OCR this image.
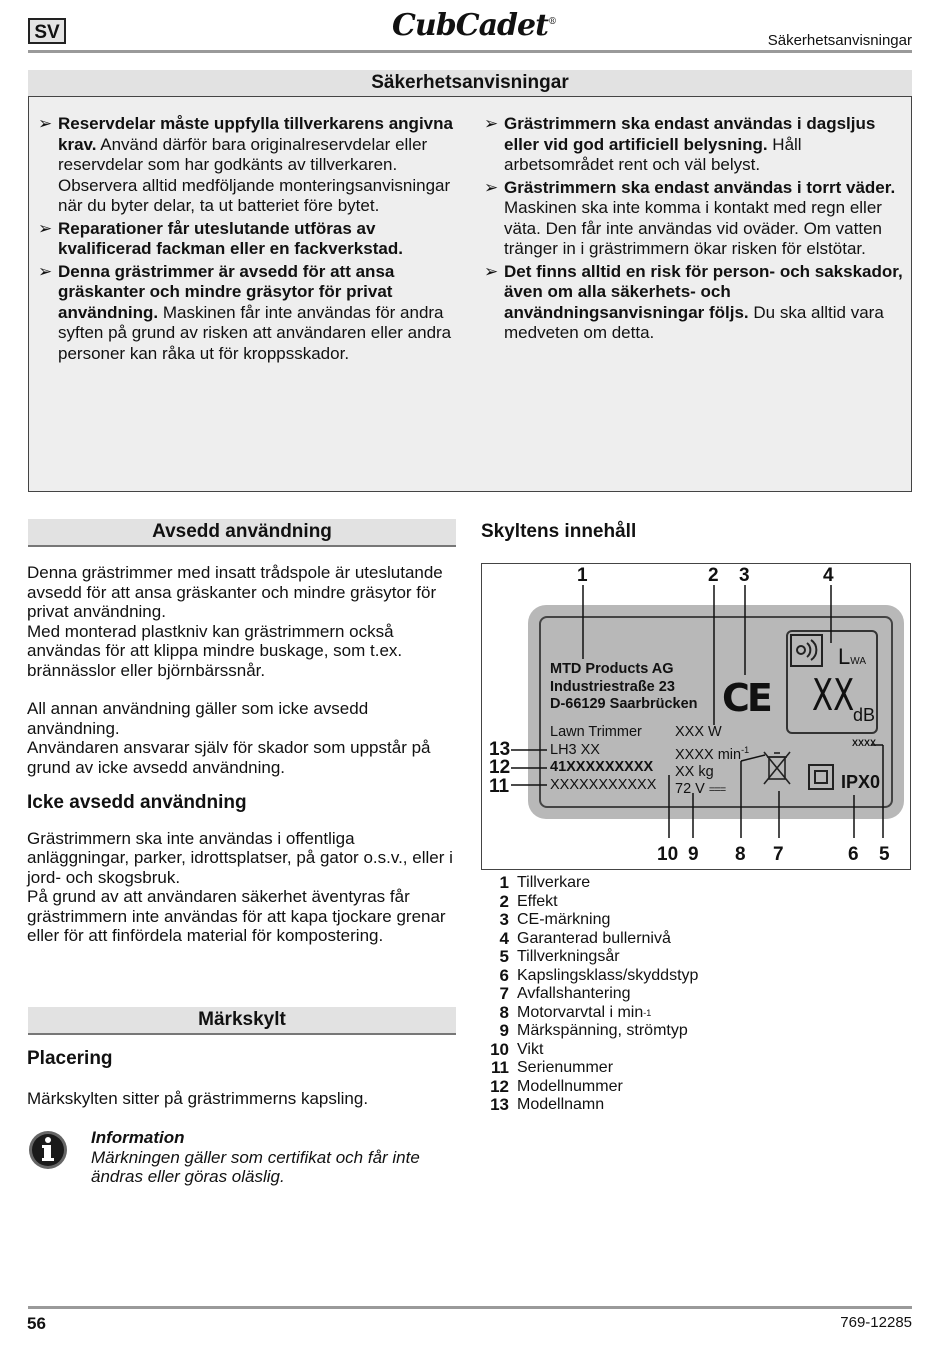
SV	CubCadet®
Säkerhetsanvisningar
Säkerhetsanvisningar

➢ Reservdelar måste uppfylla tillverkarens angivna krav. Använd därför bara originalreservdelar eller reservdelar som har godkänts av tillverkaren. Observera alltid medföljande monteringsanvisningar när du byter delar, ta ut batteriet före bytet.

➢ Reparationer får uteslutande utföras av kvalificerad fackman eller en fackverkstad.

➢ Denna grästrimmer är avsedd för att ansa gräskanter och mindre gräsytor för privat användning. Maskinen får inte användas för andra syften på grund av risken att användaren eller andra personer kan råka ut för kroppsskador.

➢ Grästrimmern ska endast användas i dagsljus eller vid god artificiell belysning. Håll arbetsområdet rent och väl belyst.

➢ Grästrimmern ska endast användas i torrt väder. Maskinen ska inte komma i kontakt med regn eller väta. Den får inte användas vid oväder. Om vatten tränger in i grästrimmern ökar risken för elstötar.

➢ Det finns alltid en risk för person- och sakskador, även om alla säkerhets- och användningsanvisningar följs. Du ska alltid vara medveten om detta.

Avsedd användning

Denna grästrimmer med insatt trådspole är uteslutande avsedd för att ansa gräskanter och mindre gräsytor för privat användning.

Med monterad plastkniv kan grästrimmern också användas för att klippa mindre buskage, som t.ex. brännässlor eller björnbärssnår.

All annan användning gäller som icke avsedd användning.

Användaren ansvarar själv för skador som uppstår på grund av icke avsedd användning.

Icke avsedd användning

Grästrimmern ska inte användas i offentliga anläggningar, parker, idrottsplatser, på gator o.s.v., eller i jord- och skogsbruk.

På grund av att användaren säkerhet äventyras får grästrimmern inte användas för att kapa tjockare grenar eller för att finfördela material för kompostering.

Märkskylt
Placering
Märkskylten sitter på grästrimmerns kapsling.

Information

Märkningen gäller som certifikat och får inte ändras eller göras oläslig.

Skyltens innehåll
MTD Products AG
Industriestraße 23
D-66129 Saarbrücken
Lawn Trimmer
LH3 XX
41XXXXXXXXX
XXXXXXXXXXX
XXX W
XXXX $\min^{-1}$
XX kg
72 V ===
CE
LWA
XX
dB
XXXX
IPX0
1	2 3	4
5
6
7
8
9
10
11
12
13
1 Tillverkare
2 Effekt
3 CE-märkning
4 Garanterad bullernivå
5 Tillverkningsår
6 Kapslingsklass/skyddstyp
7 Avfallshantering
8 Motorvarvtal i min -1
9 Märkspänning, strömtyp
10 Vikt
11 Serienummer
12 Modellnummer
13 Modellnamn
56	769-12285
